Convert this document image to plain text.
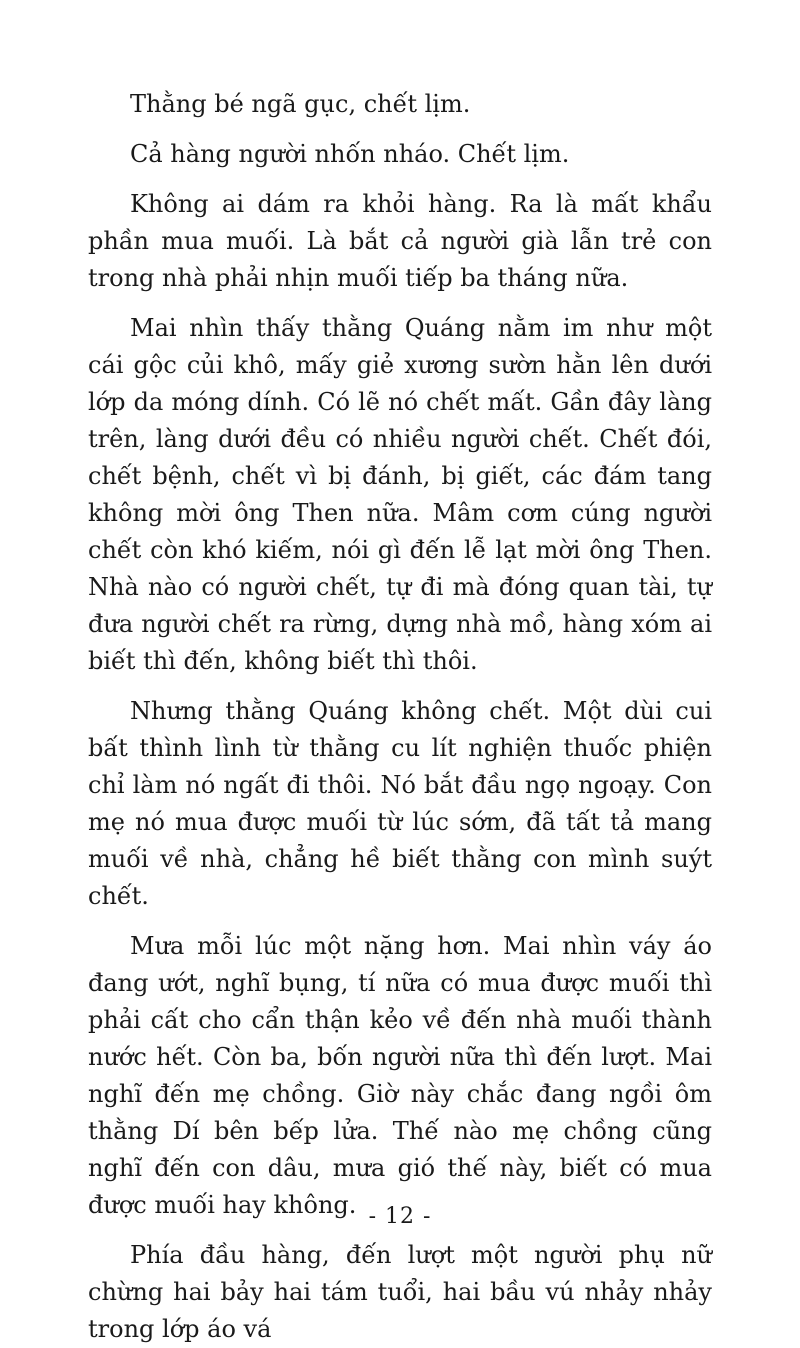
Thằng bé ngã gục, chết lịm.

Cả hàng người nhốn nháo. Chết lịm.

Không ai dám ra khỏi hàng. Ra là mất khẩu phần mua muối. Là bắt cả người già lẫn trẻ con trong nhà phải nhịn muối tiếp ba tháng nữa.

Mai nhìn thấy thằng Quáng nằm im như một cái gộc củi khô, mấy giẻ xương sườn hằn lên dưới lớp da móng dính. Có lẽ nó chết mất. Gần đây làng trên, làng dưới đều có nhiều người chết. Chết đói, chết bệnh, chết vì bị đánh, bị giết, các đám tang không mời ông Then nữa. Mâm cơm cúng người chết còn khó kiếm, nói gì đến lễ lạt mời ông Then. Nhà nào có người chết, tự đi mà đóng quan tài, tự đưa người chết ra rừng, dựng nhà mồ, hàng xóm ai biết thì đến, không biết thì thôi.

Nhưng thằng Quáng không chết. Một dùi cui bất thình lình từ thằng cu lít nghiện thuốc phiện chỉ làm nó ngất đi thôi. Nó bắt đầu ngọ ngoạy. Con mẹ nó mua được muối từ lúc sớm, đã tất tả mang muối về nhà, chẳng hề biết thằng con mình suýt chết.

Mưa mỗi lúc một nặng hơn. Mai nhìn váy áo đang ướt, nghĩ bụng, tí nữa có mua được muối thì phải cất cho cẩn thận kẻo về đến nhà muối thành nước hết. Còn ba, bốn người nữa thì đến lượt. Mai nghĩ đến mẹ chồng. Giờ này chắc đang ngồi ôm thằng Dí bên bếp lửa. Thế nào mẹ chồng cũng nghĩ đến con dâu, mưa gió thế này, biết có mua được muối hay không.

Phía đầu hàng, đến lượt một người phụ nữ chừng hai bảy hai tám tuổi, hai bầu vú nhảy nhảy trong lớp áo vá

- 12 -
